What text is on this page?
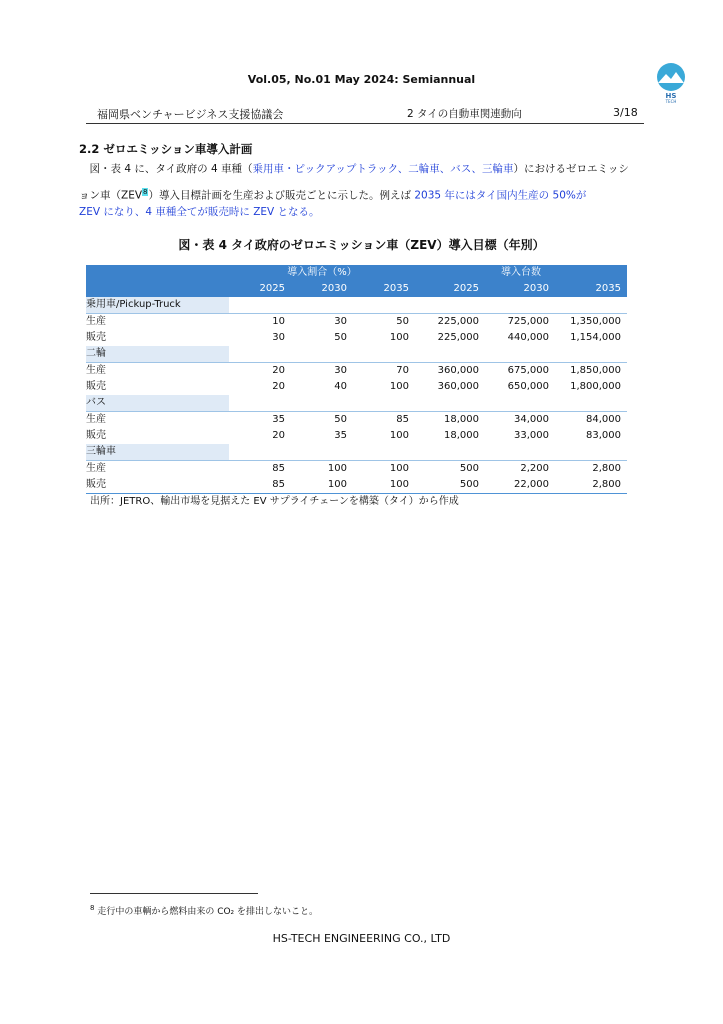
Vol.05, No.01 May 2024: Semiannual
HS
TECH
福岡県ベンチャービジネス支援協議会	2 タイの自動車関連動向	3/18
2.2 ゼロエミッション車導入計画
　図・表 4 に、タイ政府の 4 車種（乗用車・ピックアップトラック、二輪車、バス、三輪車）におけるゼロエミッシ
ョン車（ZEV$^8$）導入目標計画を生産および販売ごとに示した。例えば 2035 年にはタイ国内生産の 50%が
ZEV になり、4 車種全てが販売時に ZEV となる。
図・表 4 タイ政府のゼロエミッション車（ZEV）導入目標（年別）
	導入割合（%）			導入台数		
	2025	2030	2035	2025	2030	2035
乗用車/Pickup-Truck						
生産	10	30	50	225,000	725,000	1,350,000
販売	30	50	100	225,000	440,000	1,154,000
二輪						
生産	20	30	70	360,000	675,000	1,850,000
販売	20	40	100	360,000	650,000	1,800,000
バス						
生産	35	50	85	18,000	34,000	84,000
販売	20	35	100	18,000	33,000	83,000
三輪車						
生産	85	100	100	500	2,200	2,800
販売	85	100	100	500	22,000	2,800
出所：JETRO、輸出市場を見据えた EV サプライチェーンを構築（タイ）から作成
$^8$ 走行中の車輌から燃料由来の CO₂ を排出しないこと。
HS-TECH ENGINEERING CO., LTD
